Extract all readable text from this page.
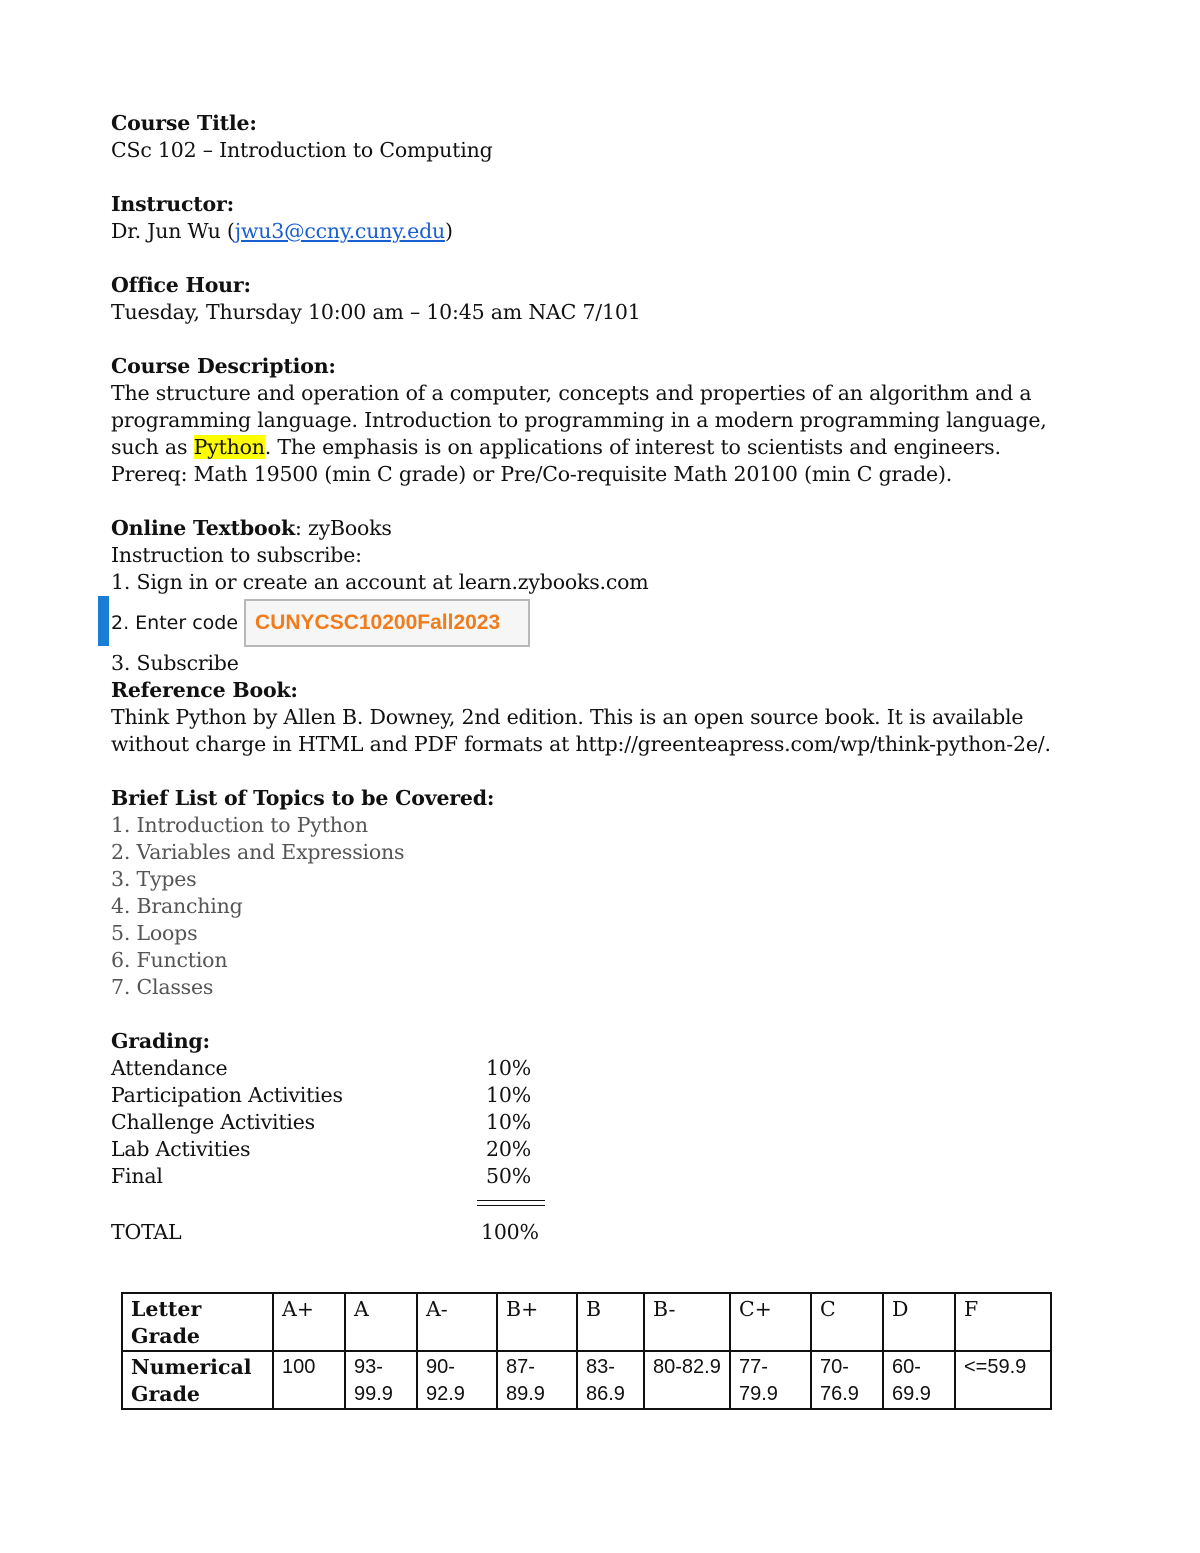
Course Title:
CSc 102 – Introduction to Computing
Instructor:
Dr. Jun Wu (jwu3@ccny.cuny.edu)
Office Hour:
Tuesday, Thursday 10:00 am – 10:45 am NAC 7/101
Course Description:
The structure and operation of a computer, concepts and properties of an algorithm and a programming language. Introduction to programming in a modern programming language, such as Python. The emphasis is on applications of interest to scientists and engineers.
Prereq: Math 19500 (min C grade) or Pre/Co-requisite Math 20100 (min C grade).
Online Textbook: zyBooks
Instruction to subscribe:
1. Sign in or create an account at learn.zybooks.com
2. Enter code CUNYCSC10200Fall2023
3. Subscribe
Reference Book:
Think Python by Allen B. Downey, 2nd edition. This is an open source book. It is available without charge in HTML and PDF formats at http://greenteapress.com/wp/think-python-2e/.
Brief List of Topics to be Covered:
1. Introduction to Python
2. Variables and Expressions
3. Types
4. Branching
5. Loops
6. Function
7. Classes
Grading:
Attendance	10%
Participation Activities	10%
Challenge Activities	10%
Lab Activities	20%
Final	50%
TOTAL	100%
Letter Grade	A+	A	A-	B+	B	B-	C+	C	D	F
Numerical Grade	100	93-99.9	90-92.9	87-89.9	83-86.9	80-82.9	77-79.9	70-76.9	60-69.9	<=59.9
